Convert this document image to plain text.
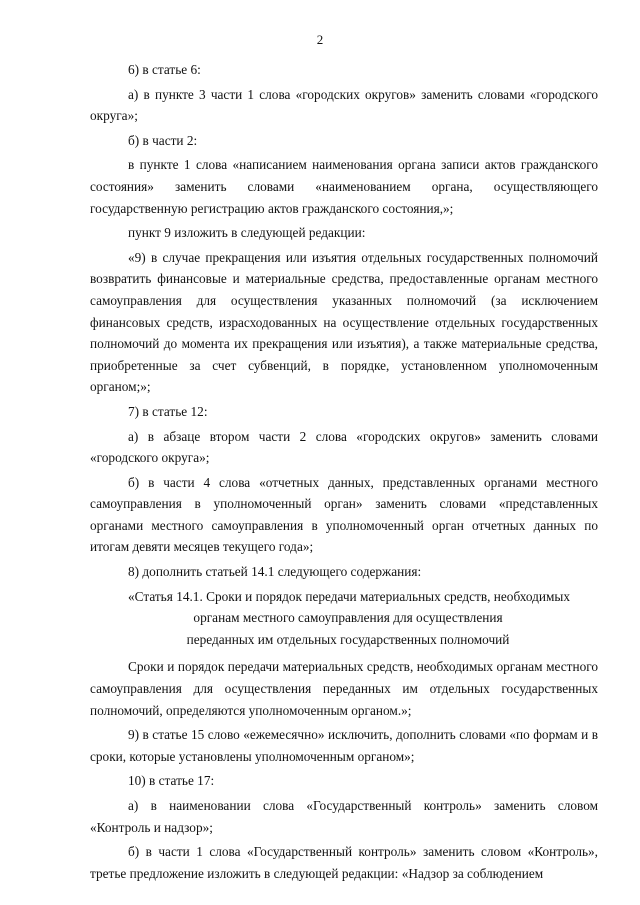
2

6) в статье 6:

а) в пункте 3 части 1 слова «городских округов» заменить словами «городского округа»;

б) в части 2:

в пункте 1 слова «написанием наименования органа записи актов гражданского состояния» заменить словами «наименованием органа, осуществляющего государственную регистрацию актов гражданского состояния,»;

пункт 9 изложить в следующей редакции:

«9) в случае прекращения или изъятия отдельных государственных полномочий возвратить финансовые и материальные средства, предоставленные органам местного самоуправления для осуществления указанных полномочий (за исключением финансовых средств, израсходованных на осуществление отдельных государственных полномочий до момента их прекращения или изъятия), а также материальные средства, приобретенные за счет субвенций, в порядке, установленном уполномоченным органом;»;

7) в статье 12:

а) в абзаце втором части 2 слова «городских округов» заменить словами «городского округа»;

б) в части 4 слова «отчетных данных, представленных органами местного самоуправления в уполномоченный орган» заменить словами «представленных органами местного самоуправления в уполномоченный орган отчетных данных по итогам девяти месяцев текущего года»;

8) дополнить статьей 14.1 следующего содержания:

«Статья 14.1. Сроки и порядок передачи материальных средств, необходимых
органам местного самоуправления для осуществления
переданных им отдельных государственных полномочий

Сроки и порядок передачи материальных средств, необходимых органам местного самоуправления для осуществления переданных им отдельных государственных полномочий, определяются уполномоченным органом.»;

9) в статье 15 слово «ежемесячно» исключить, дополнить словами «по формам и в сроки, которые установлены уполномоченным органом»;

10) в статье 17:

а) в наименовании слова «Государственный контроль» заменить словом «Контроль и надзор»;

б) в части 1 слова «Государственный контроль» заменить словом «Контроль», третье предложение изложить в следующей редакции: «Надзор за соблюдением
